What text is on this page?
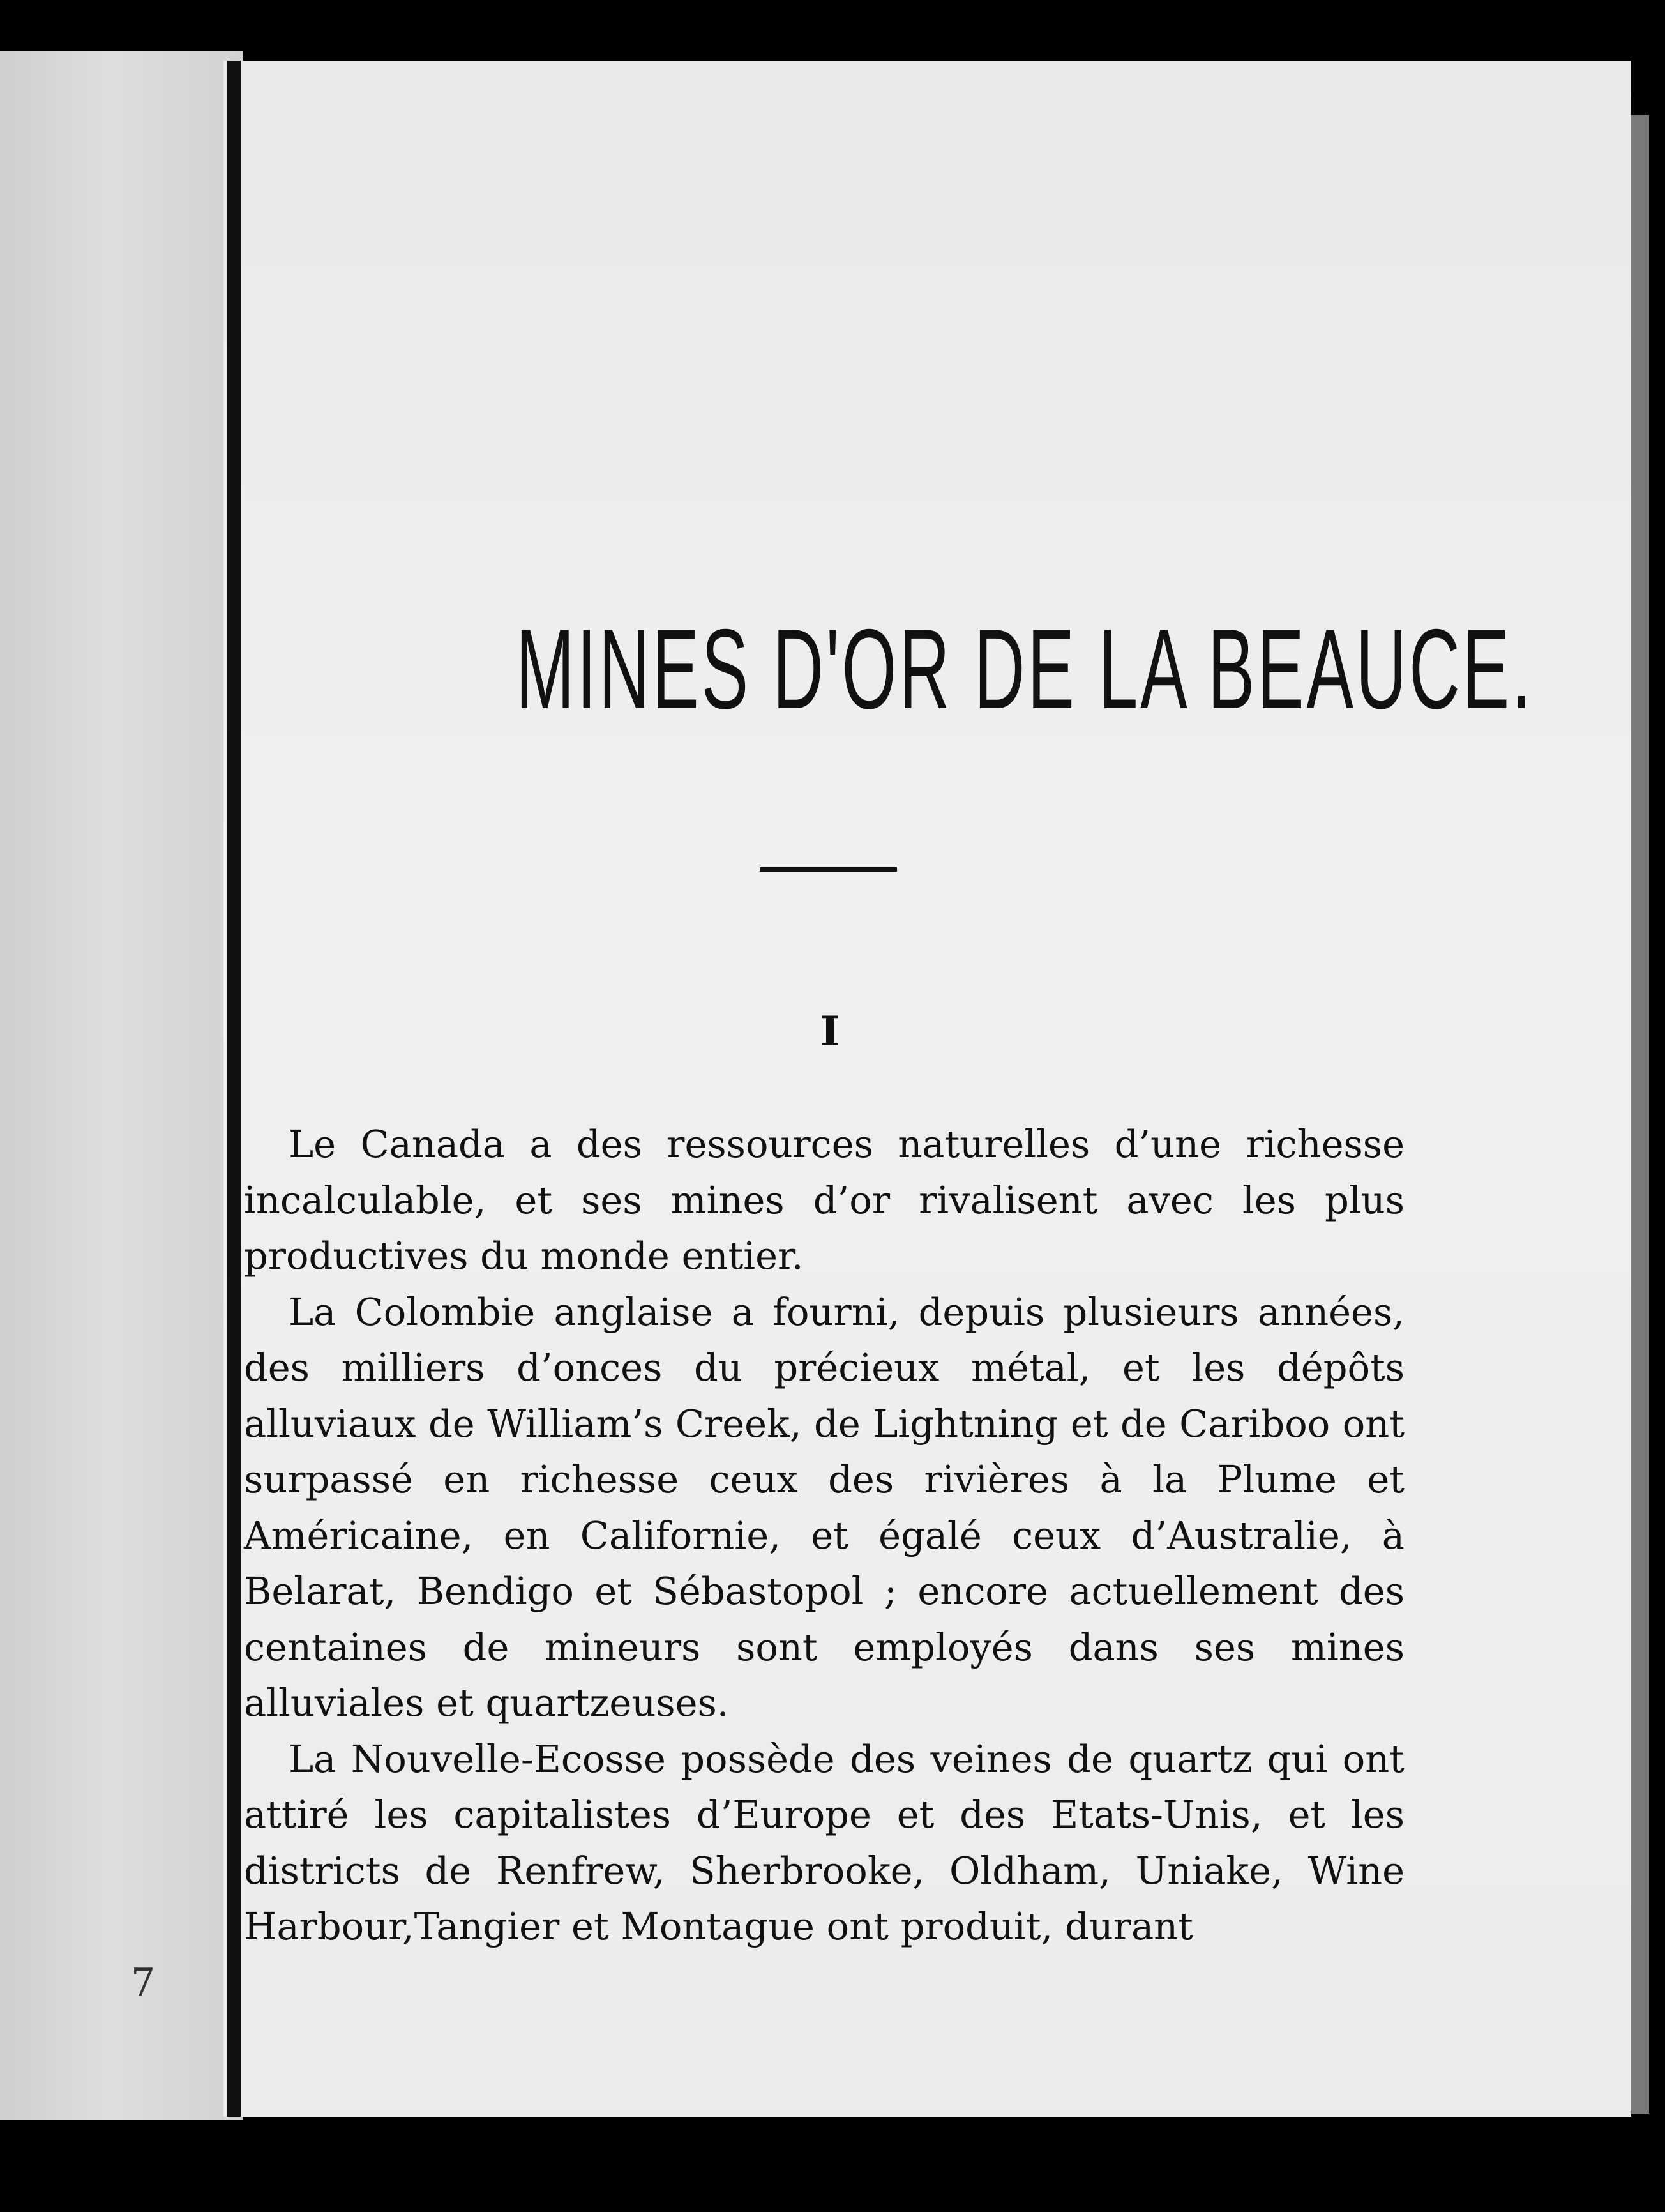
7
MINES D'OR DE LA BEAUCE.
I

Le Canada a des ressources naturelles d’une richesse incalculable, et ses mines d’or rivalisent avec les plus productives du monde entier.

La Colombie anglaise a fourni, depuis plusieurs années, des milliers d’onces du précieux métal, et les dépôts alluviaux de William’s Creek, de Lightning et de Cariboo ont surpassé en richesse ceux des rivières à la Plume et Américaine, en Californie, et égalé ceux d’Australie, à Belarat, Bendigo et Sébastopol ; encore actuellement des centaines de mineurs sont employés dans ses mines alluviales et quartzeuses.

La Nouvelle-Ecosse possède des veines de quartz qui ont attiré les capitalistes d’Europe et des Etats-Unis, et les districts de Renfrew, Sherbrooke, Oldham, Uniake, Wine Harbour,Tangier et Montague ont produit, durant
